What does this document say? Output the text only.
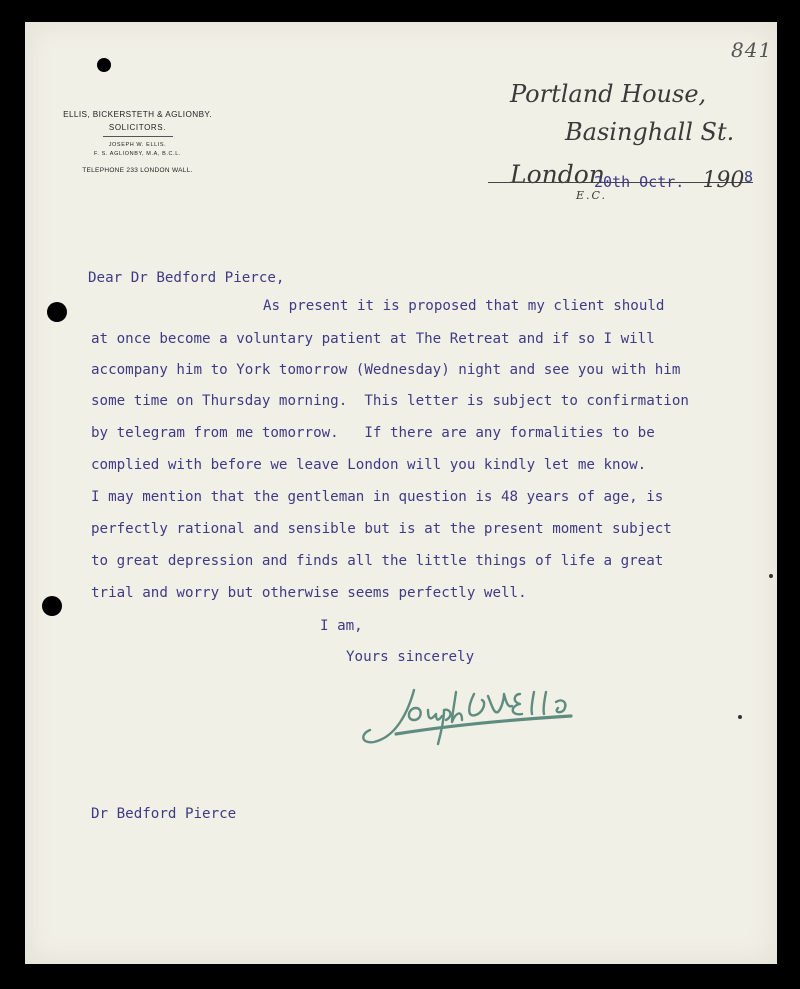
841
ELLIS, BICKERSTETH & AGLIONBY.
SOLICITORS.
JOSEPH W. ELLIS.
F. S. AGLIONBY, M.A, B.C.L.
TELEPHONE 233 LONDON WALL.
Portland House,
Basinghall St.
London
E.C.
20th Octr. 190 8
Dear Dr Bedford Pierce,
As present it is proposed that my client should
at once become a voluntary patient at The Retreat and if so I will
accompany him to York tomorrow (Wednesday) night and see you with him
some time on Thursday morning.  This letter is subject to confirmation
by telegram from me tomorrow.   If there are any formalities to be
complied with before we leave London will you kindly let me know.
I may mention that the gentleman in question is 48 years of age, is
perfectly rational and sensible but is at the present moment subject
to great depression and finds all the little things of life a great
trial and worry but otherwise seems perfectly well.
I am,
Yours sincerely
Dr Bedford Pierce
